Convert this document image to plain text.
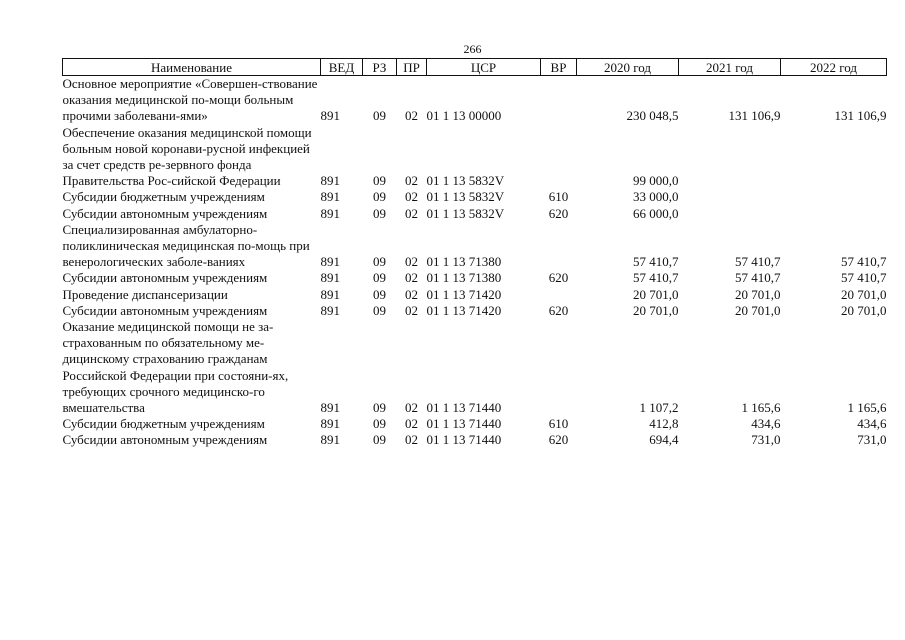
266
Наименование	ВЕД	РЗ	ПР	ЦСР	ВР	2020 год	2021 год	2022 год
Основное мероприятие «Совершен-ствование оказания медицинской по-мощи больным прочими заболевани-ями»	891	09	02	01 1 13 00000		230 048,5	131 106,9	131 106,9
Обеспечение оказания медицинской помощи больным новой коронави-русной инфекцией за счет средств ре-зервного фонда Правительства Рос-сийской Федерации	891	09	02	01 1 13 5832V		99 000,0		
Субсидии бюджетным учреждениям	891	09	02	01 1 13 5832V	610	33 000,0		
Субсидии автономным учреждениям	891	09	02	01 1 13 5832V	620	66 000,0		
Специализированная амбулаторно-поликлиническая медицинская по-мощь при венерологических заболе-ваниях	891	09	02	01 1 13 71380		57 410,7	57 410,7	57 410,7
Субсидии автономным учреждениям	891	09	02	01 1 13 71380	620	57 410,7	57 410,7	57 410,7
Проведение диспансеризации	891	09	02	01 1 13 71420		20 701,0	20 701,0	20 701,0
Субсидии автономным учреждениям	891	09	02	01 1 13 71420	620	20 701,0	20 701,0	20 701,0
Оказание медицинской помощи не за-страхованным по обязательному ме-дицинскому страхованию гражданам Российской Федерации при состояни-ях, требующих срочного медицинско-го вмешательства	891	09	02	01 1 13 71440		1 107,2	1 165,6	1 165,6
Субсидии бюджетным учреждениям	891	09	02	01 1 13 71440	610	412,8	434,6	434,6
Субсидии автономным учреждениям	891	09	02	01 1 13 71440	620	694,4	731,0	731,0
